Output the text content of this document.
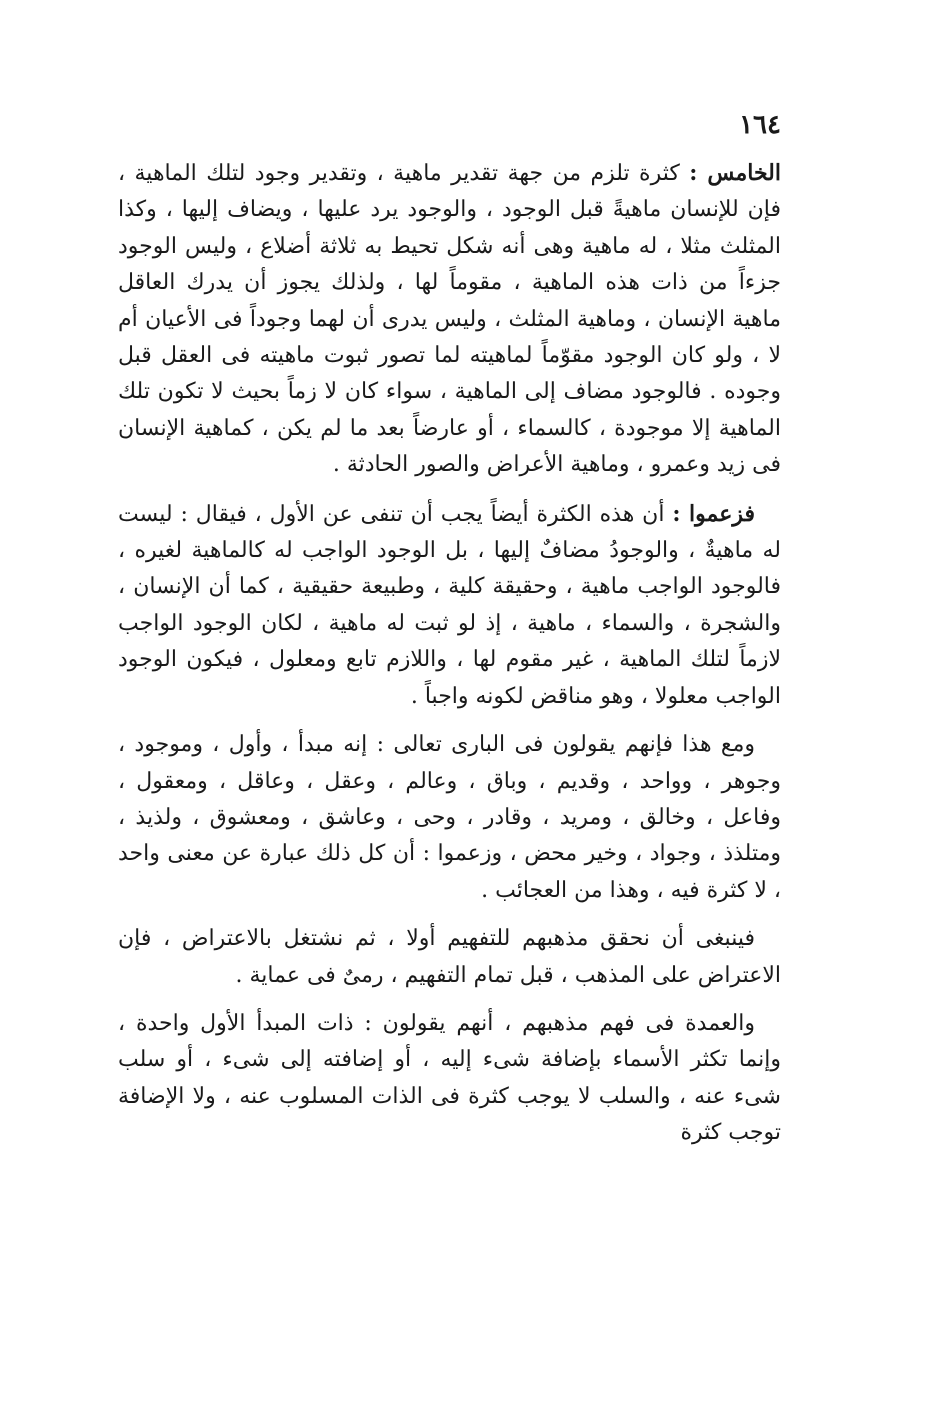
١٦٤

الخامس : كثرة تلزم من جهة تقدير ماهية ، وتقدير وجود لتلك الماهية ، فإن للإنسان ماهيةً قبل الوجود ، والوجود يرد عليها ، ويضاف إليها ، وكذا المثلث مثلا ، له ماهية وهى أنه شكل تحيط به ثلاثة أضلاع ، وليس الوجود جزءاً من ذات هذه الماهية ، مقوماً لها ، ولذلك يجوز أن يدرك العاقل ماهية الإنسان ، وماهية المثلث ، وليس يدرى أن لهما وجوداً فى الأعيان أم لا ، ولو كان الوجود مقوّماً لماهيته لما تصور ثبوت ماهيته فى العقل قبل وجوده . فالوجود مضاف إلى الماهية ، سواء كان لا زماً بحيث لا تكون تلك الماهية إلا موجودة ، كالسماء ، أو عارضاً بعد ما لم يكن ، كماهية الإنسان فى زيد وعمرو ، وماهية الأعراض والصور الحادثة .

فزعموا : أن هذه الكثرة أيضاً يجب أن تنفى عن الأول ، فيقال : ليست له ماهيةٌ ، والوجودُ مضافٌ إليها ، بل الوجود الواجب له كالماهية لغيره ، فالوجود الواجب ماهية ، وحقيقة كلية ، وطبيعة حقيقية ، كما أن الإنسان ، والشجرة ، والسماء ، ماهية ، إذ لو ثبت له ماهية ، لكان الوجود الواجب لازماً لتلك الماهية ، غير مقوم لها ، واللازم تابع ومعلول ، فيكون الوجود الواجب معلولا ، وهو مناقض لكونه واجباً .

ومع هذا فإنهم يقولون فى البارى تعالى : إنه مبدأ ، وأول ، وموجود ، وجوهر ، وواحد ، وقديم ، وباق ، وعالم ، وعقل ، وعاقل ، ومعقول ، وفاعل ، وخالق ، ومريد ، وقادر ، وحى ، وعاشق ، ومعشوق ، ولذيذ ، ومتلذذ ، وجواد ، وخير محض ، وزعموا : أن كل ذلك عبارة عن معنى واحد ، لا كثرة فيه ، وهذا من العجائب .

فينبغى أن نحقق مذهبهم للتفهيم أولا ، ثم نشتغل بالاعتراض ، فإن الاعتراض على المذهب ، قبل تمام التفهيم ، رمىٌ فى عماية .

والعمدة فى فهم مذهبهم ، أنهم يقولون : ذات المبدأ الأول واحدة ، وإنما تكثر الأسماء بإضافة شىء إليه ، أو إضافته إلى شىء ، أو سلب شىء عنه ، والسلب لا يوجب كثرة فى الذات المسلوب عنه ، ولا الإضافة توجب كثرة
